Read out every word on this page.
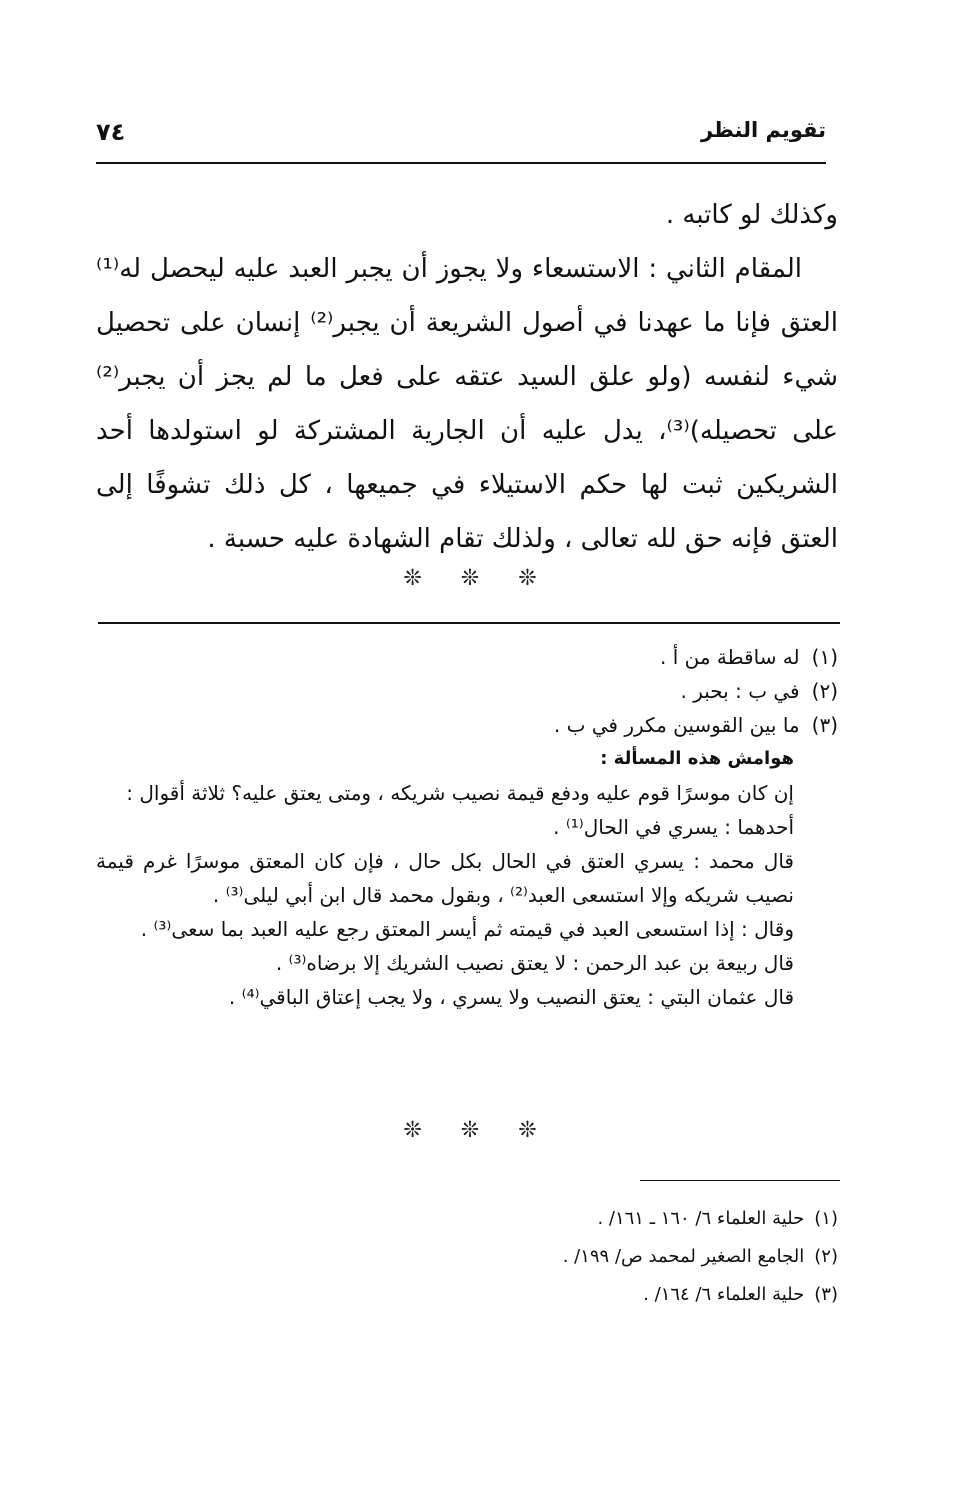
تقويم النظر
٧٤

وكذلك لو كاتبه .

المقام الثاني : الاستسعاء ولا يجوز أن يجبر العبد عليه ليحصل له⁽¹⁾ العتق فإنا ما عهدنا في أصول الشريعة أن يجبر⁽²⁾ إنسان على تحصيل شيء لنفسه (ولو علق السيد عتقه على فعل ما لم يجز أن يجبر⁽²⁾ على تحصيله)⁽³⁾، يدل عليه أن الجارية المشتركة لو استولدها أحد الشريكين ثبت لها حكم الاستيلاء في جميعها ، كل ذلك تشوفًا إلى العتق فإنه حق لله تعالى ، ولذلك تقام الشهادة عليه حسبة .

❊ ❊ ❊

(١)له ساقطة من أ .

(٢)في ب : بحبر .

(٣)ما بين القوسين مكرر في ب .

هوامش هذه المسألة :

إن كان موسرًا قوم عليه ودفع قيمة نصيب شريكه ، ومتى يعتق عليه؟ ثلاثة أقوال :

أحدهما : يسري في الحال⁽¹⁾ .

قال محمد : يسري العتق في الحال بكل حال ، فإن كان المعتق موسرًا غرم قيمة نصيب شريكه وإلا استسعى العبد⁽²⁾ ، وبقول محمد قال ابن أبي ليلى⁽³⁾ .

وقال : إذا استسعى العبد في قيمته ثم أيسر المعتق رجع عليه العبد بما سعى⁽³⁾ .

قال ربيعة بن عبد الرحمن : لا يعتق نصيب الشريك إلا برضاه⁽³⁾ .

قال عثمان البتي : يعتق النصيب ولا يسري ، ولا يجب إعتاق الباقي⁽⁴⁾ .

❊ ❊ ❊

(١)حلية العلماء ٦/ ١٦٠ ـ ١٦١/ .

(٢)الجامع الصغير لمحمد ص/ ١٩٩/ .

(٣)حلية العلماء ٦/ ١٦٤/ .
